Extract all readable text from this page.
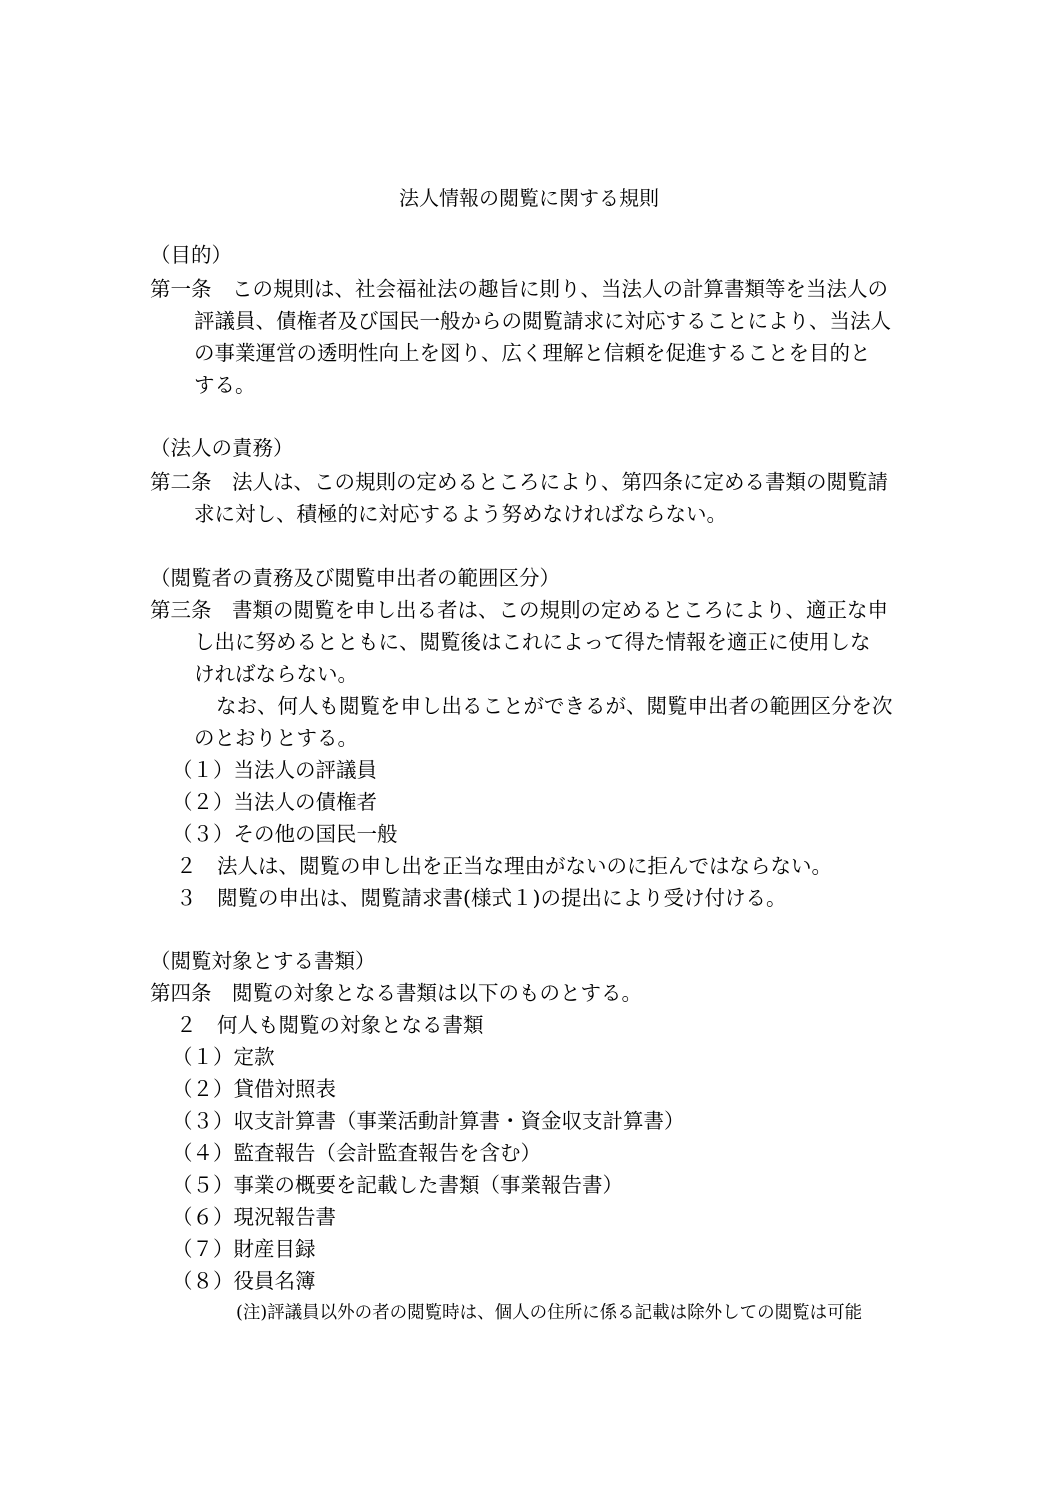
法人情報の閲覧に関する規則
（目的）
第一条　この規則は、社会福祉法の趣旨に則り、当法人の計算書類等を当法人の
評議員、債権者及び国民一般からの閲覧請求に対応することにより、当法人
の事業運営の透明性向上を図り、広く理解と信頼を促進することを目的と
する。
（法人の責務）
第二条　法人は、この規則の定めるところにより、第四条に定める書類の閲覧請
求に対し、積極的に対応するよう努めなければならない。
（閲覧者の責務及び閲覧申出者の範囲区分）
第三条　書類の閲覧を申し出る者は、この規則の定めるところにより、適正な申
し出に努めるとともに、閲覧後はこれによって得た情報を適正に使用しな
ければならない。
なお、何人も閲覧を申し出ることができるが、閲覧申出者の範囲区分を次
のとおりとする。
（１）当法人の評議員
（２）当法人の債権者
（３）その他の国民一般
２　法人は、閲覧の申し出を正当な理由がないのに拒んではならない。
３　閲覧の申出は、閲覧請求書(様式１)の提出により受け付ける。
（閲覧対象とする書類）
第四条　閲覧の対象となる書類は以下のものとする。
２　何人も閲覧の対象となる書類
（１）定款
（２）貸借対照表
（３）収支計算書（事業活動計算書・資金収支計算書）
（４）監査報告（会計監査報告を含む）
（５）事業の概要を記載した書類（事業報告書）
（６）現況報告書
（７）財産目録
（８）役員名簿
(注)評議員以外の者の閲覧時は、個人の住所に係る記載は除外しての閲覧は可能
